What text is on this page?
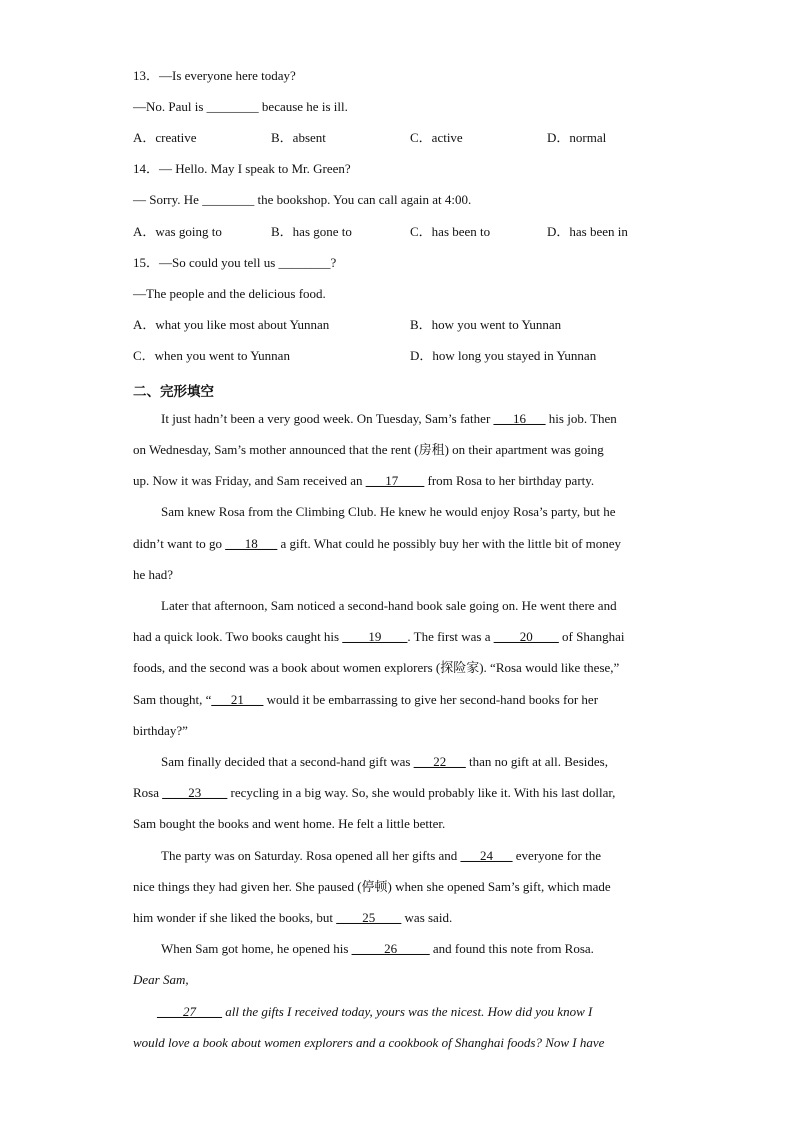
13．—Is everyone here today?
—No. Paul is ________ because he is ill.
A．creative	B．absent	C．active	D．normal
14．— Hello. May I speak to Mr. Green?
— Sorry. He ________ the bookshop. You can call again at 4:00.
A．was going to	B．has gone to	C．has been to	D．has been in
15．—So could you tell us ________?
—The people and the delicious food.
A．what you like most about Yunnan	B．how you went to Yunnan
C．when you went to Yunnan	D．how long you stayed in Yunnan
二、完形填空
It just hadn’t been a very good week. On Tuesday, Sam’s father ___16___ his job. Then
on Wednesday, Sam’s mother announced that the rent (房租) on their apartment was going
up. Now it was Friday, and Sam received an ___17____ from Rosa to her birthday party.
Sam knew Rosa from the Climbing Club. He knew he would enjoy Rosa’s party, but he
didn’t want to go ___18___ a gift. What could he possibly buy her with the little bit of money
he had?
Later that afternoon, Sam noticed a second-hand book sale going on. He went there and
had a quick look. Two books caught his ____19____. The first was a ____20____ of Shanghai
foods, and the second was a book about women explorers (探险家). “Rosa would like these,”
Sam thought, “___21___ would it be embarrassing to give her second-hand books for her
birthday?”
Sam finally decided that a second-hand gift was ___22___ than no gift at all. Besides,
Rosa ____23____ recycling in a big way. So, she would probably like it. With his last dollar,
Sam bought the books and went home. He felt a little better.
The party was on Saturday. Rosa opened all her gifts and ___24___ everyone for the
nice things they had given her. She paused (停顿) when she opened Sam’s gift, which made
him wonder if she liked the books, but ____25____ was said.
When Sam got home, he opened his _____26_____ and found this note from Rosa.
Dear Sam,
____27____ all the gifts I received today, yours was the nicest. How did you know I
would love a book about women explorers and a cookbook of Shanghai foods? Now I have
